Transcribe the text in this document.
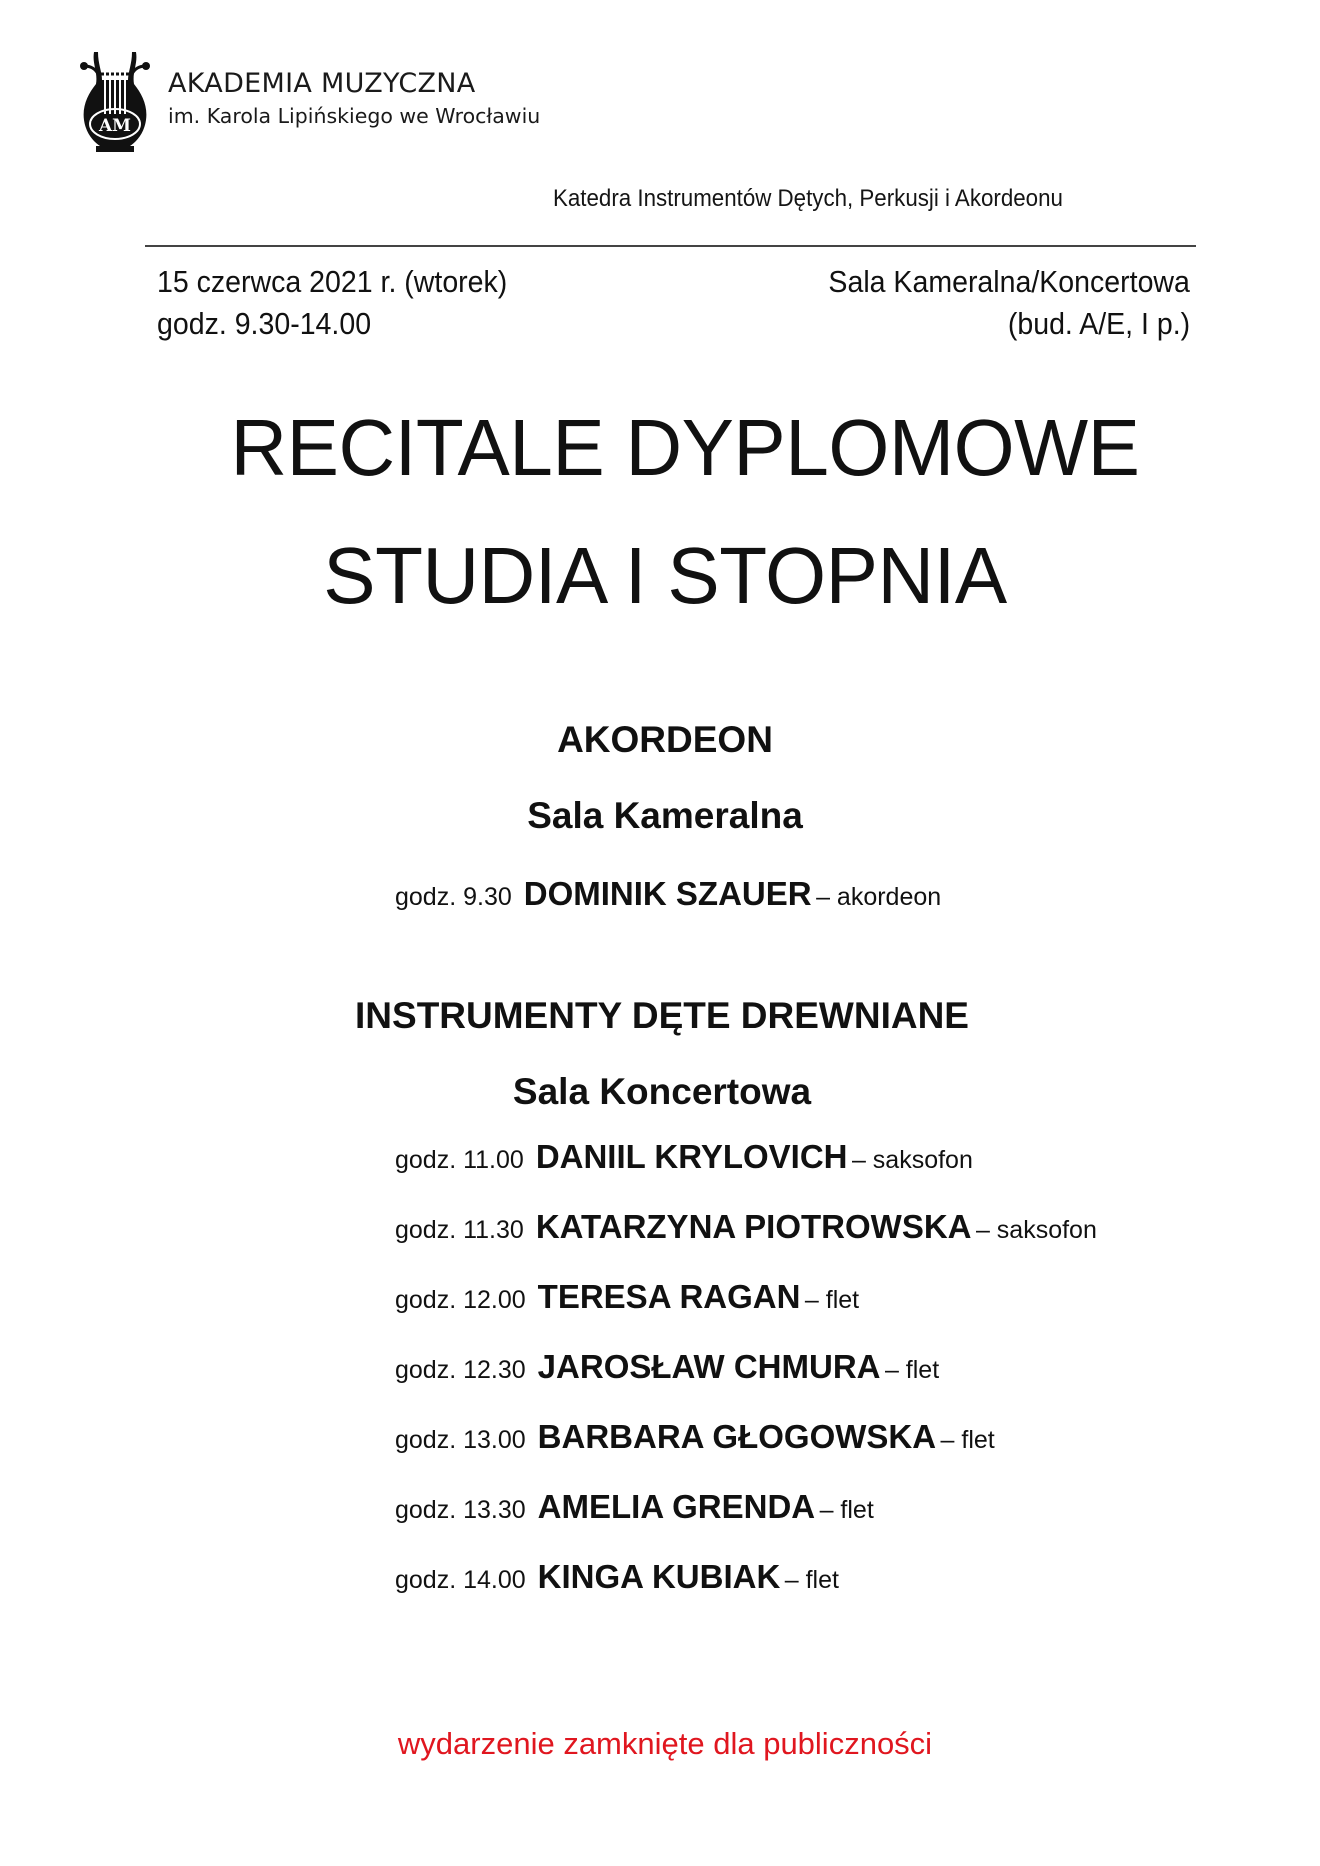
AM
AKADEMIA MUZYCZNA
im. Karola Lipińskiego we Wrocławiu
Katedra Instrumentów Dętych, Perkusji i Akordeonu
15 czerwca 2021 r. (wtorek)
godz. 9.30-14.00
Sala Kameralna/Koncertowa
(bud. A/E, I p.)
RECITALE DYPLOMOWE
STUDIA I STOPNIA
AKORDEON
Sala Kameralna
godz. 9.30 DOMINIK SZAUER – akordeon
INSTRUMENTY DĘTE DREWNIANE
Sala Koncertowa
godz. 11.00 DANIIL KRYLOVICH – saksofon
godz. 11.30 KATARZYNA PIOTROWSKA – saksofon
godz. 12.00 TERESA RAGAN – flet
godz. 12.30 JAROSŁAW CHMURA – flet
godz. 13.00 BARBARA GŁOGOWSKA – flet
godz. 13.30 AMELIA GRENDA – flet
godz. 14.00 KINGA KUBIAK – flet
wydarzenie zamknięte dla publiczności
